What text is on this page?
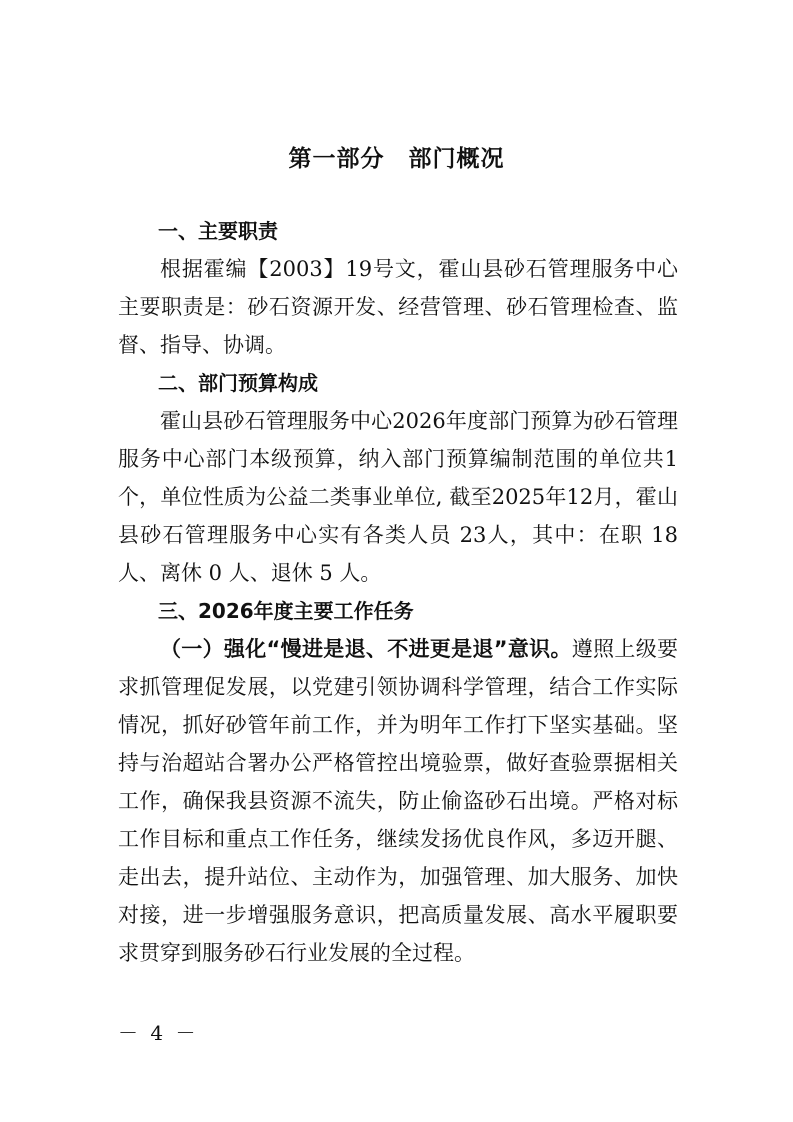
第一部分　部门概况

一、主要职责

根据霍编【2003】19号文，霍山县砂石管理服务中心主要职责是：砂石资源开发、经营管理、砂石管理检查、监督、指导、协调。

二、部门预算构成

霍山县砂石管理服务中心2026年度部门预算为砂石管理服务中心部门本级预算，纳入部门预算编制范围的单位共1个，单位性质为公益二类事业单位, 截至2025年12月，霍山县砂石管理服务中心实有各类人员 23人，其中：在职 18人、离休 0 人、退休 5 人。

三、2026年度主要工作任务

（一）强化“慢进是退、不进更是退”意识。遵照上级要求抓管理促发展，以党建引领协调科学管理，结合工作实际情况，抓好砂管年前工作，并为明年工作打下坚实基础。坚持与治超站合署办公严格管控出境验票，做好查验票据相关工作，确保我县资源不流失，防止偷盗砂石出境。严格对标工作目标和重点工作任务，继续发扬优良作风，多迈开腿、走出去，提升站位、主动作为，加强管理、加大服务、加快对接，进一步增强服务意识，把高质量发展、高水平履职要求贯穿到服务砂石行业发展的全过程。

－ 4 －
